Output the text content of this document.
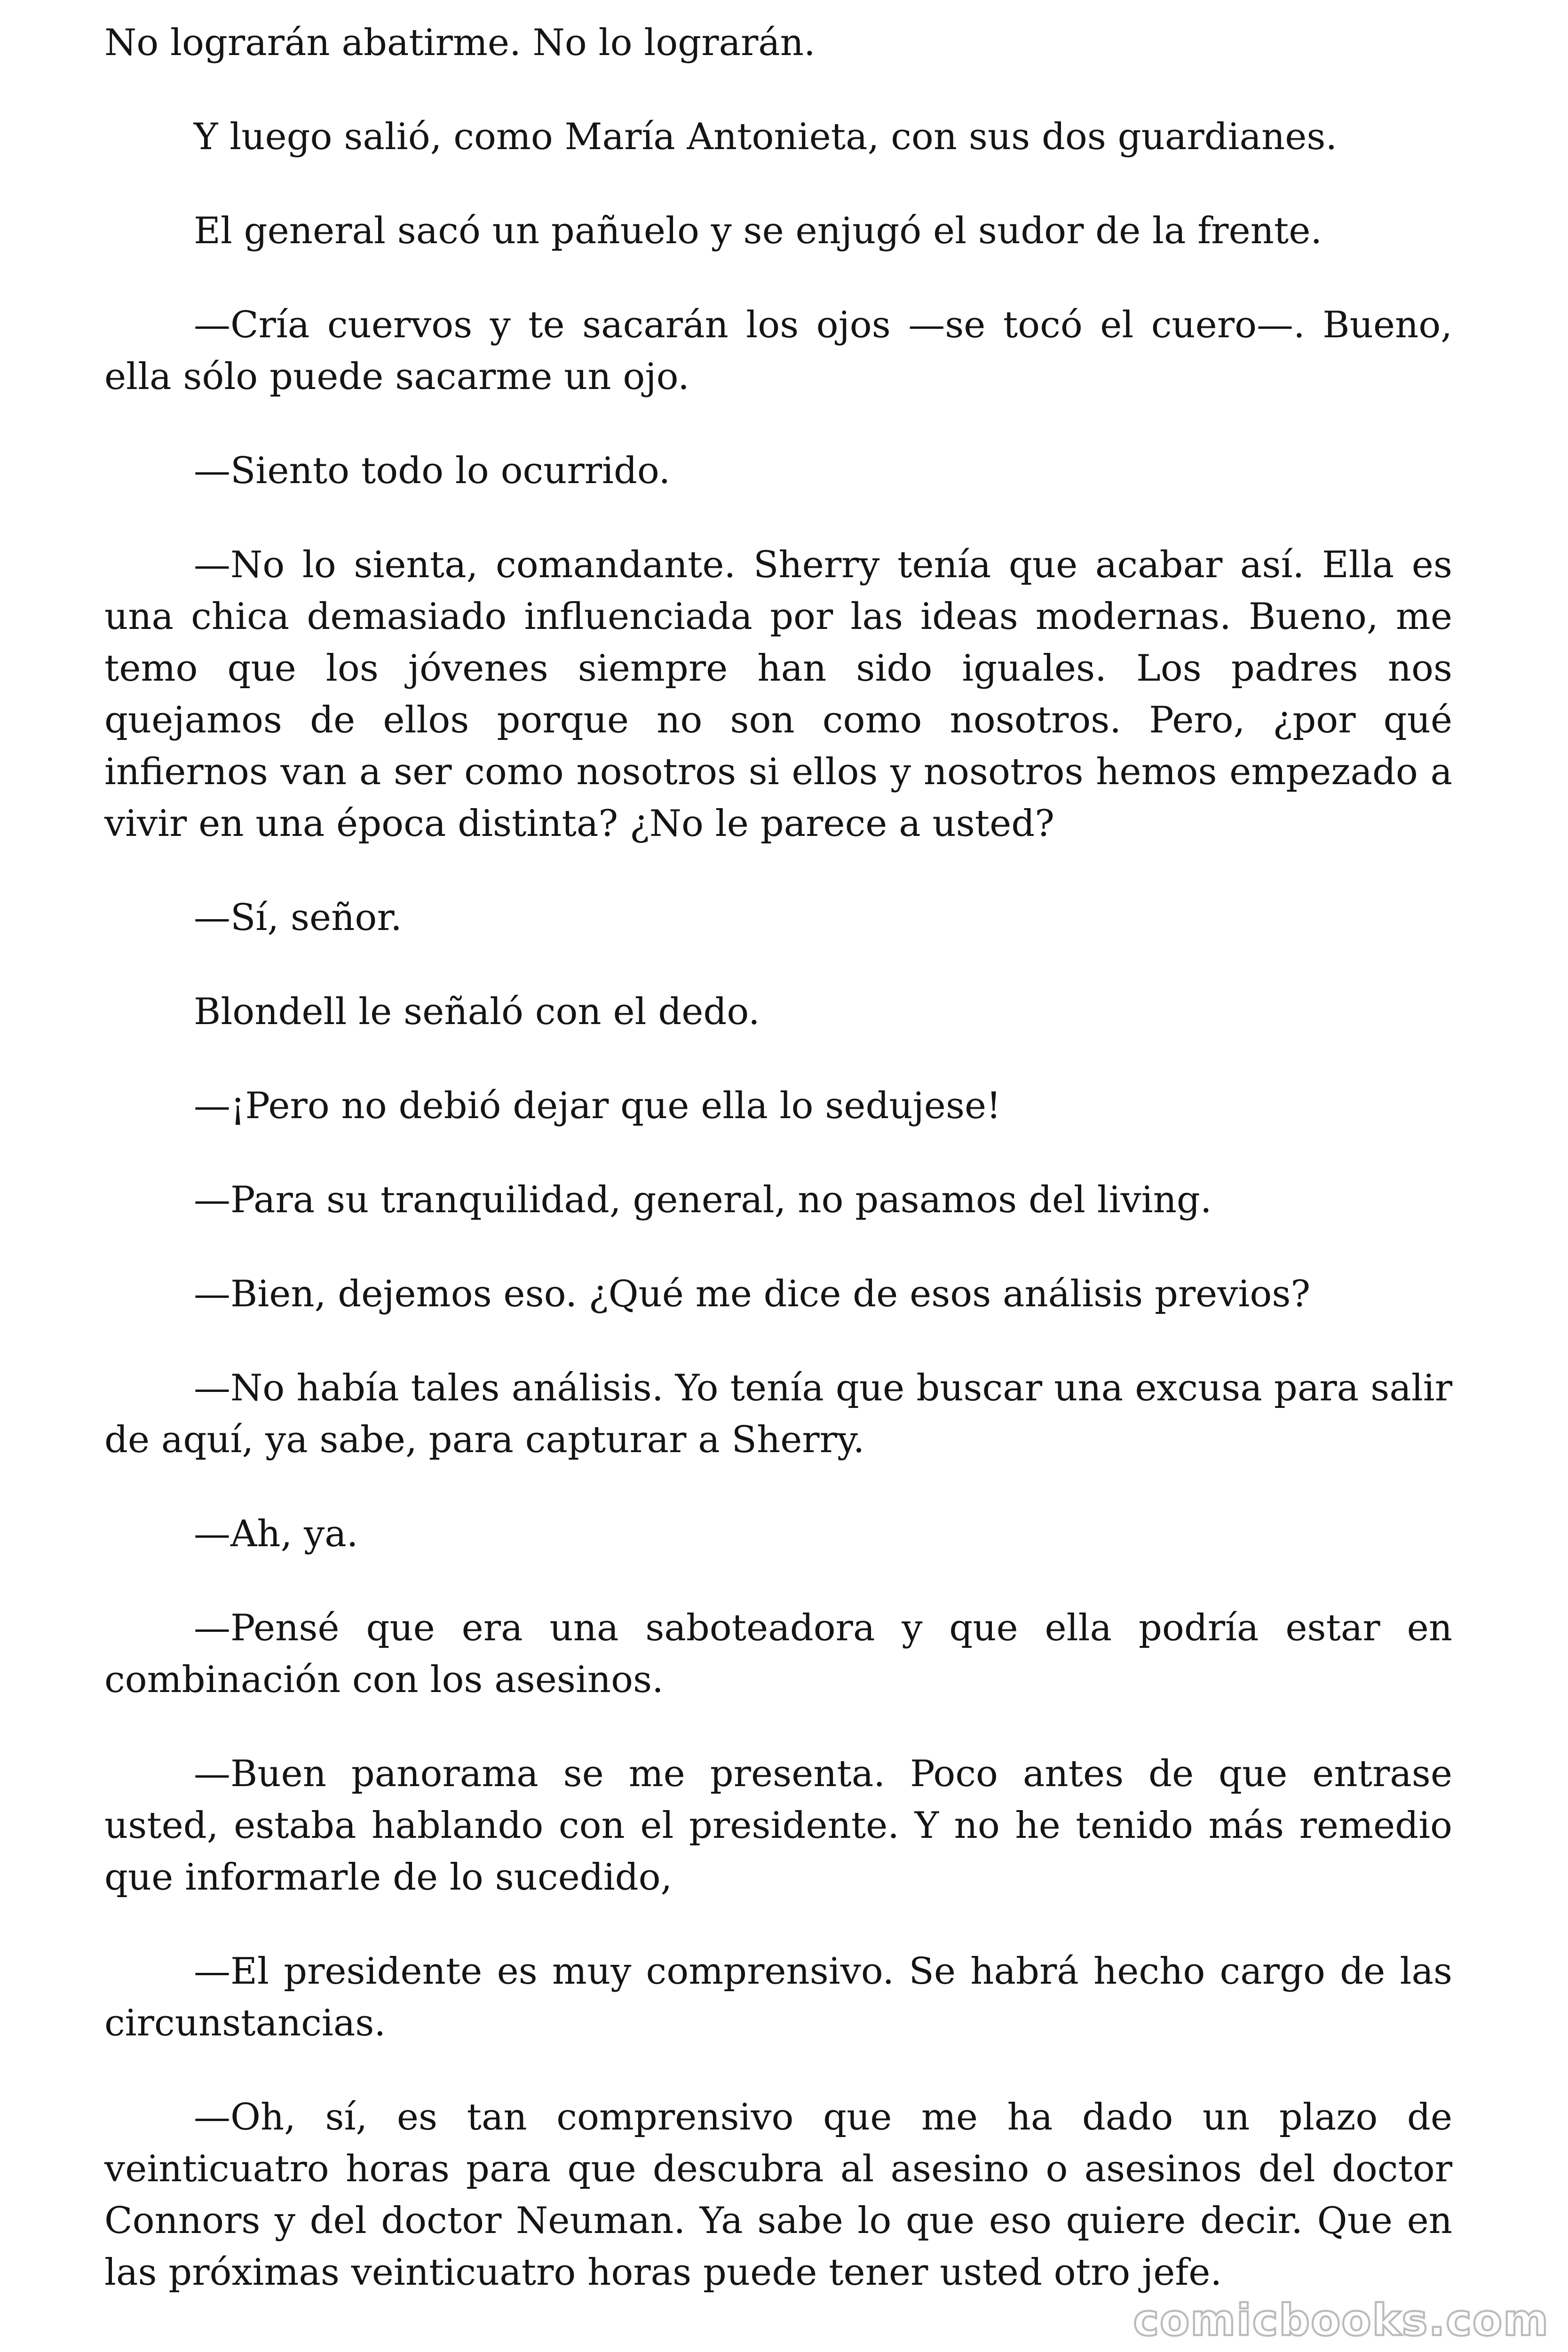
No lograrán abatirme. No lo lograrán.

Y luego salió, como María Antonieta, con sus dos guardianes.

El general sacó un pañuelo y se enjugó el sudor de la frente.

—Cría cuervos y te sacarán los ojos —se tocó el cuero—. Bueno, ella sólo puede sacarme un ojo.

—Siento todo lo ocurrido.

—No lo sienta, comandante. Sherry tenía que acabar así. Ella es una chica demasiado influenciada por las ideas modernas. Bueno, me temo que los jóvenes siempre han sido iguales. Los padres nos quejamos de ellos porque no son como nosotros. Pero, ¿por qué infiernos van a ser como nosotros si ellos y nosotros hemos empezado a vivir en una época distinta? ¿No le parece a usted?

—Sí, señor.

Blondell le señaló con el dedo.

—¡Pero no debió dejar que ella lo sedujese!

—Para su tranquilidad, general, no pasamos del living.

—Bien, dejemos eso. ¿Qué me dice de esos análisis previos?

—No había tales análisis. Yo tenía que buscar una excusa para salir de aquí, ya sabe, para capturar a Sherry.

—Ah, ya.

—Pensé que era una saboteadora y que ella podría estar en combinación con los asesinos.

—Buen panorama se me presenta. Poco antes de que entrase usted, estaba hablando con el presidente. Y no he tenido más remedio que informarle de lo sucedido,

—El presidente es muy comprensivo. Se habrá hecho cargo de las circunstancias.

—Oh, sí, es tan comprensivo que me ha dado un plazo de veinticuatro horas para que descubra al asesino o asesinos del doctor Connors y del doctor Neuman. Ya sabe lo que eso quiere decir. Que en las próximas veinticuatro horas puede tener usted otro jefe.

comicbooks.com
